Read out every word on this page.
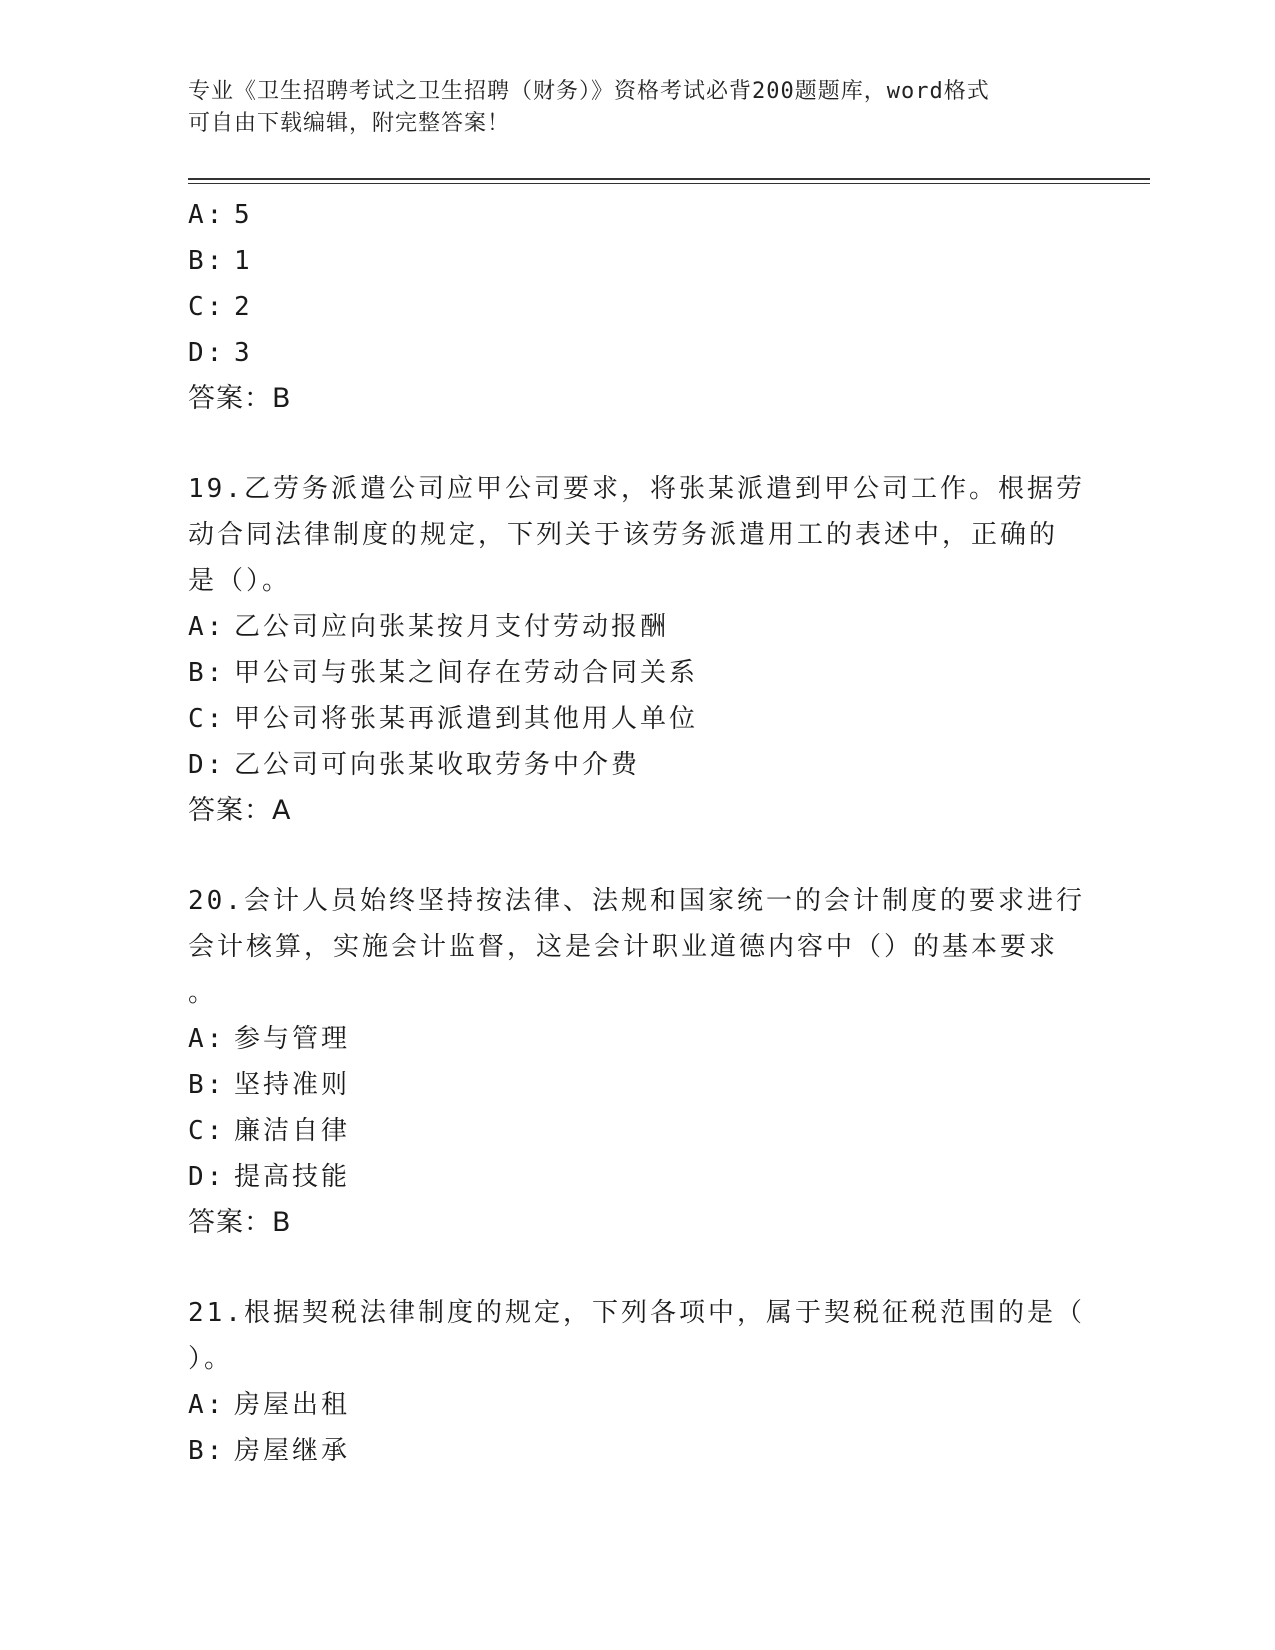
专业《卫生招聘考试之卫生招聘（财务）》资格考试必背200题题库，word格式
可自由下载编辑，附完整答案！
A: 5
B: 1
C: 2
D: 3
答案：B
19.乙劳务派遣公司应甲公司要求，将张某派遣到甲公司工作。根据劳
动合同法律制度的规定，下列关于该劳务派遣用工的表述中，正确的
是（）。
A: 乙公司应向张某按月支付劳动报酬
B: 甲公司与张某之间存在劳动合同关系
C: 甲公司将张某再派遣到其他用人单位
D: 乙公司可向张某收取劳务中介费
答案：A
20.会计人员始终坚持按法律、法规和国家统一的会计制度的要求进行
会计核算，实施会计监督，这是会计职业道德内容中（）的基本要求
。
A: 参与管理
B: 坚持准则
C: 廉洁自律
D: 提高技能
答案：B
21.根据契税法律制度的规定，下列各项中，属于契税征税范围的是（
）。
A: 房屋出租
B: 房屋继承
